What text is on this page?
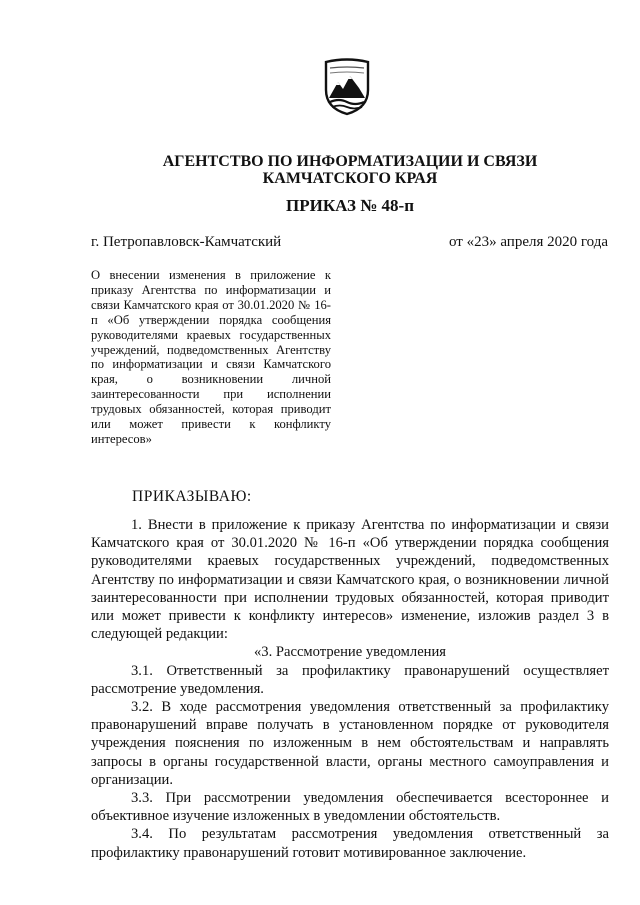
АГЕНТСТВО ПО ИНФОРМАТИЗАЦИИ И СВЯЗИ
КАМЧАТСКОГО КРАЯ
ПРИКАЗ № 48-п
г. Петропавловск-Камчатский	от «23» апреля 2020 года
О внесении изменения в приложение к приказу Агентства по информатизации и связи Камчатского края от 30.01.2020 № 16-п «Об утверждении порядка сообщения руководителями краевых государственных учреждений, подведомственных Агентству по информатизации и связи Камчатского края, о возникновении личной заинтересованности при исполнении трудовых обязанностей, которая приводит или может привести к конфликту интересов»
ПРИКАЗЫВАЮ:

1. Внести в приложение к приказу Агентства по информатизации и связи Камчатского края от 30.01.2020 № 16-п «Об утверждении порядка сообщения руководителями краевых государственных учреждений, подведомственных Агентству по информатизации и связи Камчатского края, о возникновении личной заинтересованности при исполнении трудовых обязанностей, которая приводит или может привести к конфликту интересов» изменение, изложив раздел 3 в следующей редакции:

«3. Рассмотрение уведомления

3.1. Ответственный за профилактику правонарушений осуществляет рассмотрение уведомления.

3.2. В ходе рассмотрения уведомления ответственный за профилактику правонарушений вправе получать в установленном порядке от руководителя учреждения пояснения по изложенным в нем обстоятельствам и направлять запросы в органы государственной власти, органы местного самоуправления и организации.

3.3. При рассмотрении уведомления обеспечивается всестороннее и объективное изучение изложенных в уведомлении обстоятельств.

3.4. По результатам рассмотрения уведомления ответственный за профилактику правонарушений готовит мотивированное заключение.
